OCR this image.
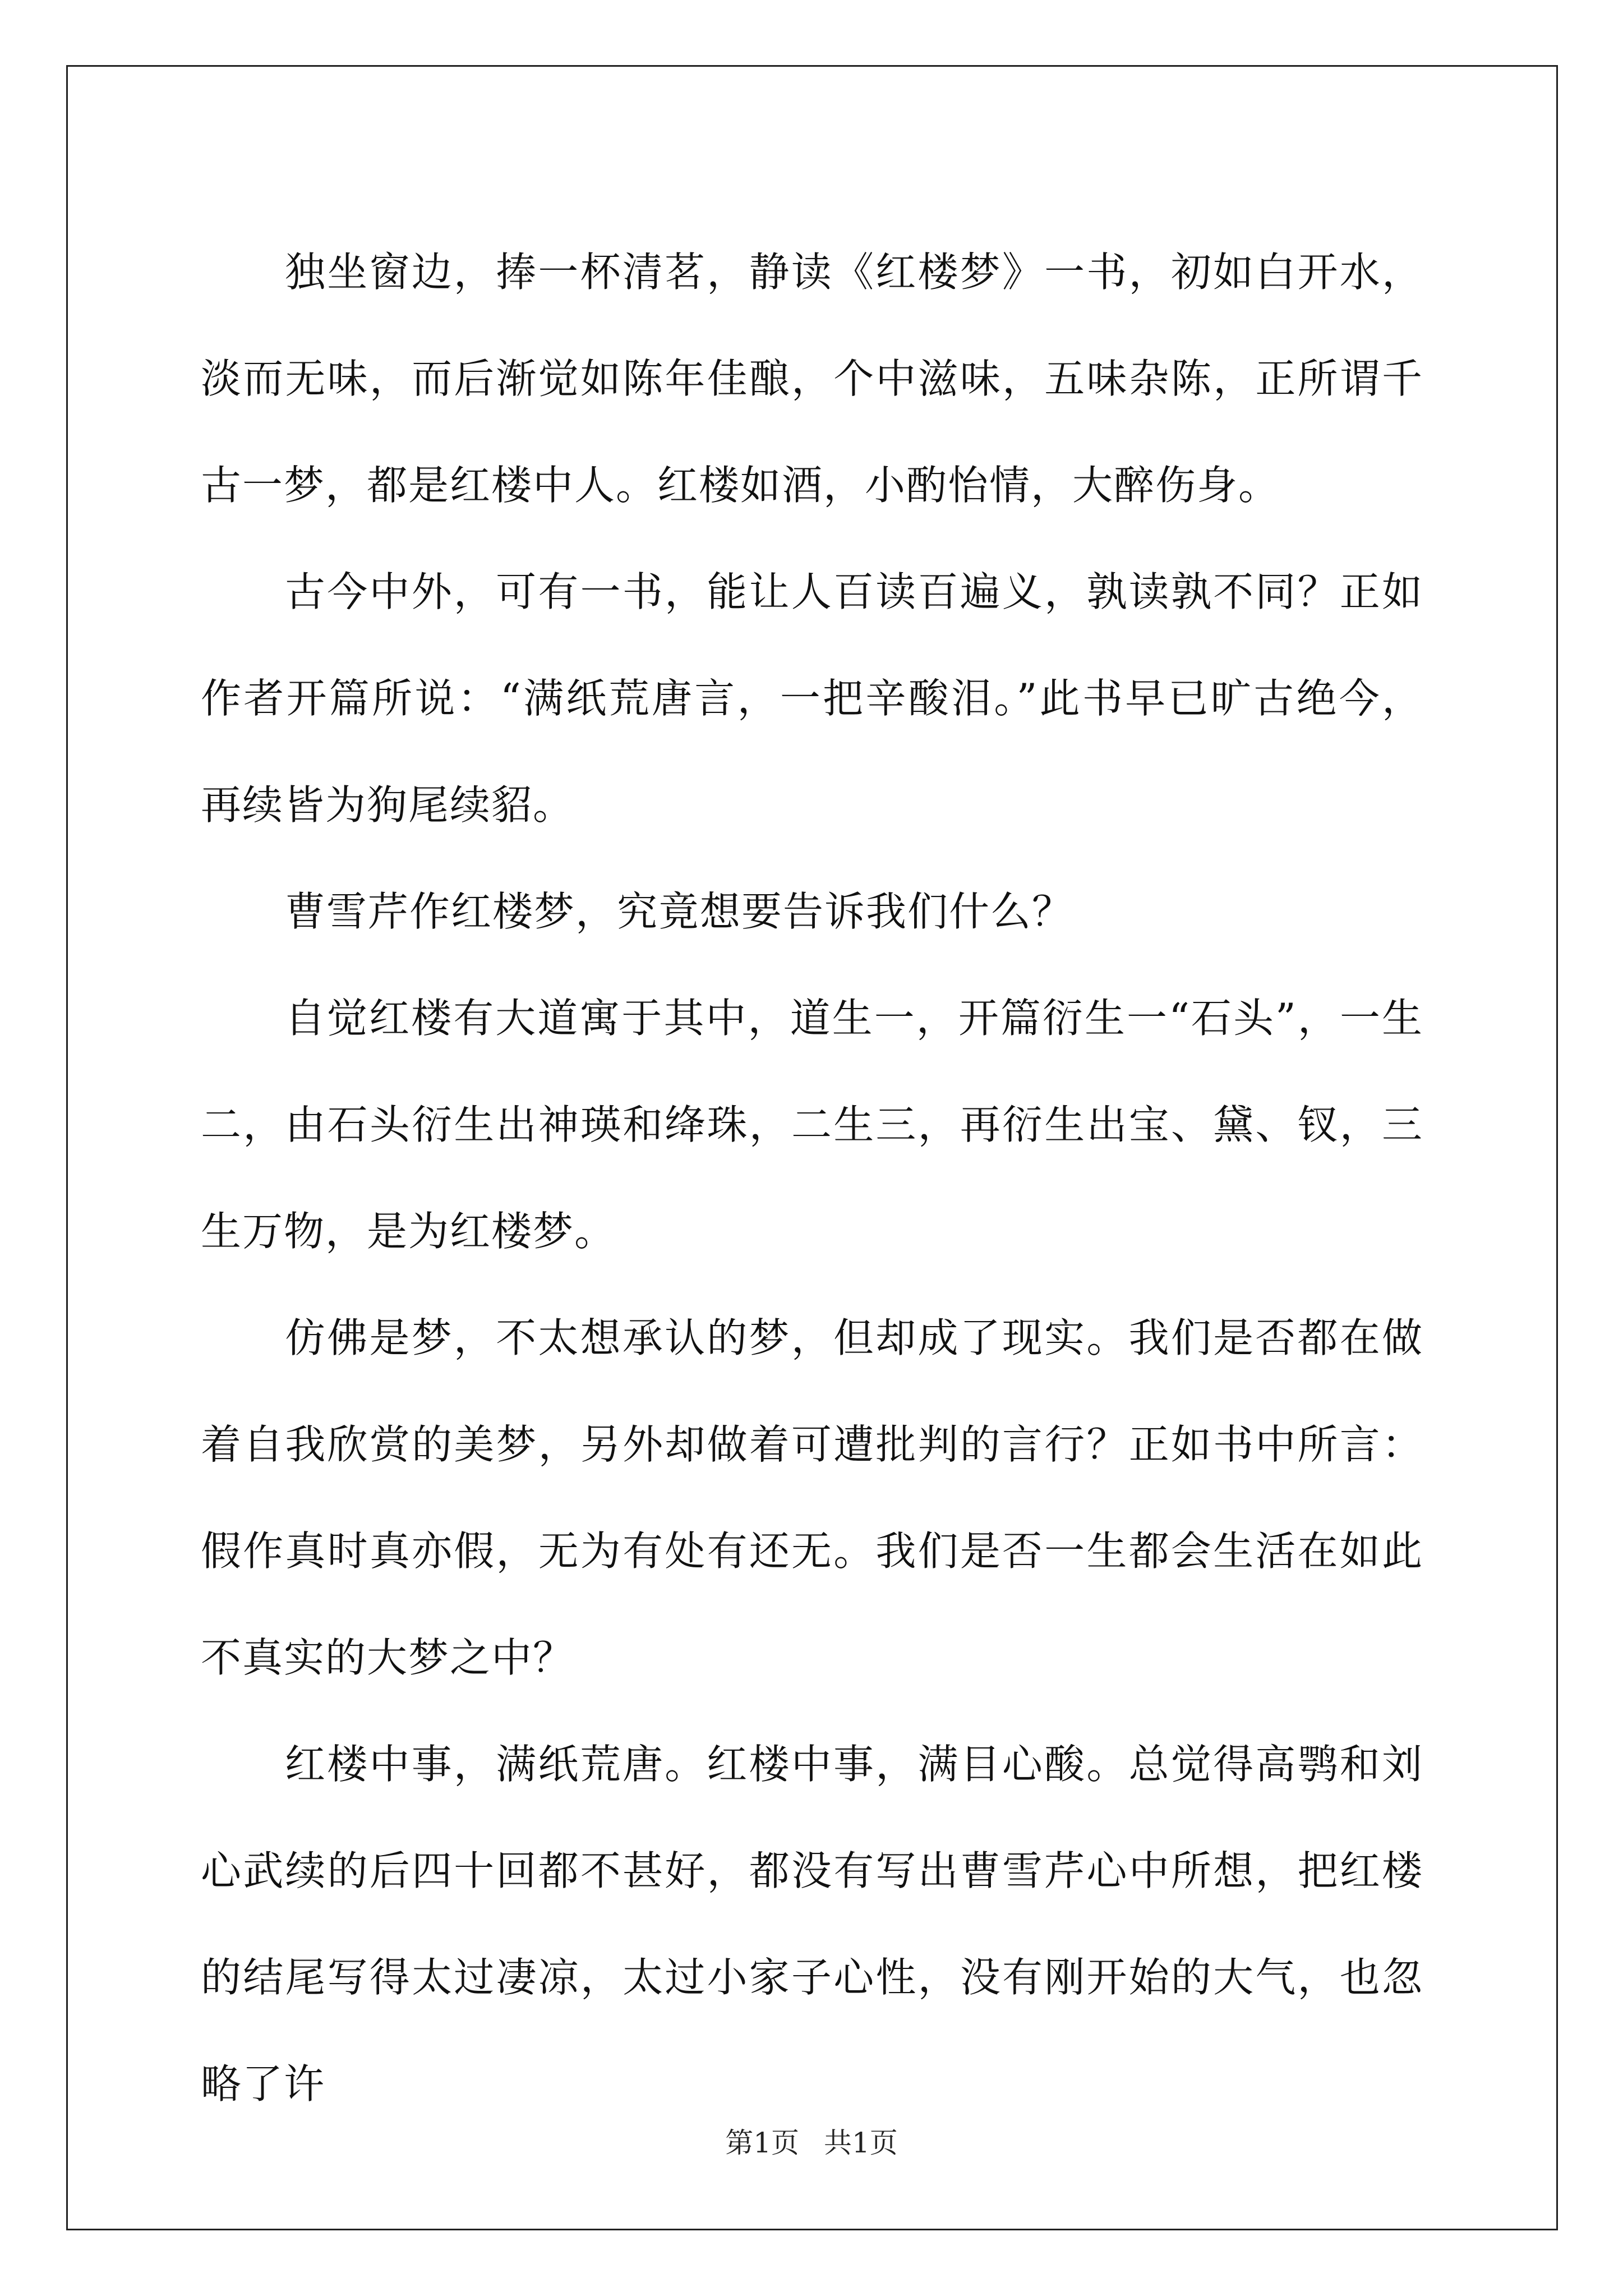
独坐窗边，捧一杯清茗，静读《红楼梦》一书，初如白开水，淡而无味，而后渐觉如陈年佳酿，个中滋味，五味杂陈，正所谓千古一梦，都是红楼中人。红楼如酒，小酌怡情，大醉伤身。

古今中外，可有一书，能让人百读百遍义，孰读孰不同？正如作者开篇所说：“满纸荒唐言，一把辛酸泪。”此书早已旷古绝今，再续皆为狗尾续貂。

曹雪芹作红楼梦，究竟想要告诉我们什么？

自觉红楼有大道寓于其中，道生一，开篇衍生一“石头”，一生二，由石头衍生出神瑛和绛珠，二生三，再衍生出宝、黛、钗，三生万物，是为红楼梦。

仿佛是梦，不太想承认的梦，但却成了现实。我们是否都在做着自我欣赏的美梦，另外却做着可遭批判的言行？正如书中所言：假作真时真亦假，无为有处有还无。我们是否一生都会生活在如此不真实的大梦之中？

红楼中事，满纸荒唐。红楼中事，满目心酸。总觉得高鹗和刘心武续的后四十回都不甚好，都没有写出曹雪芹心中所想，把红楼的结尾写得太过凄凉，太过小家子心性，没有刚开始的大气，也忽略了许

第1页 共1页
